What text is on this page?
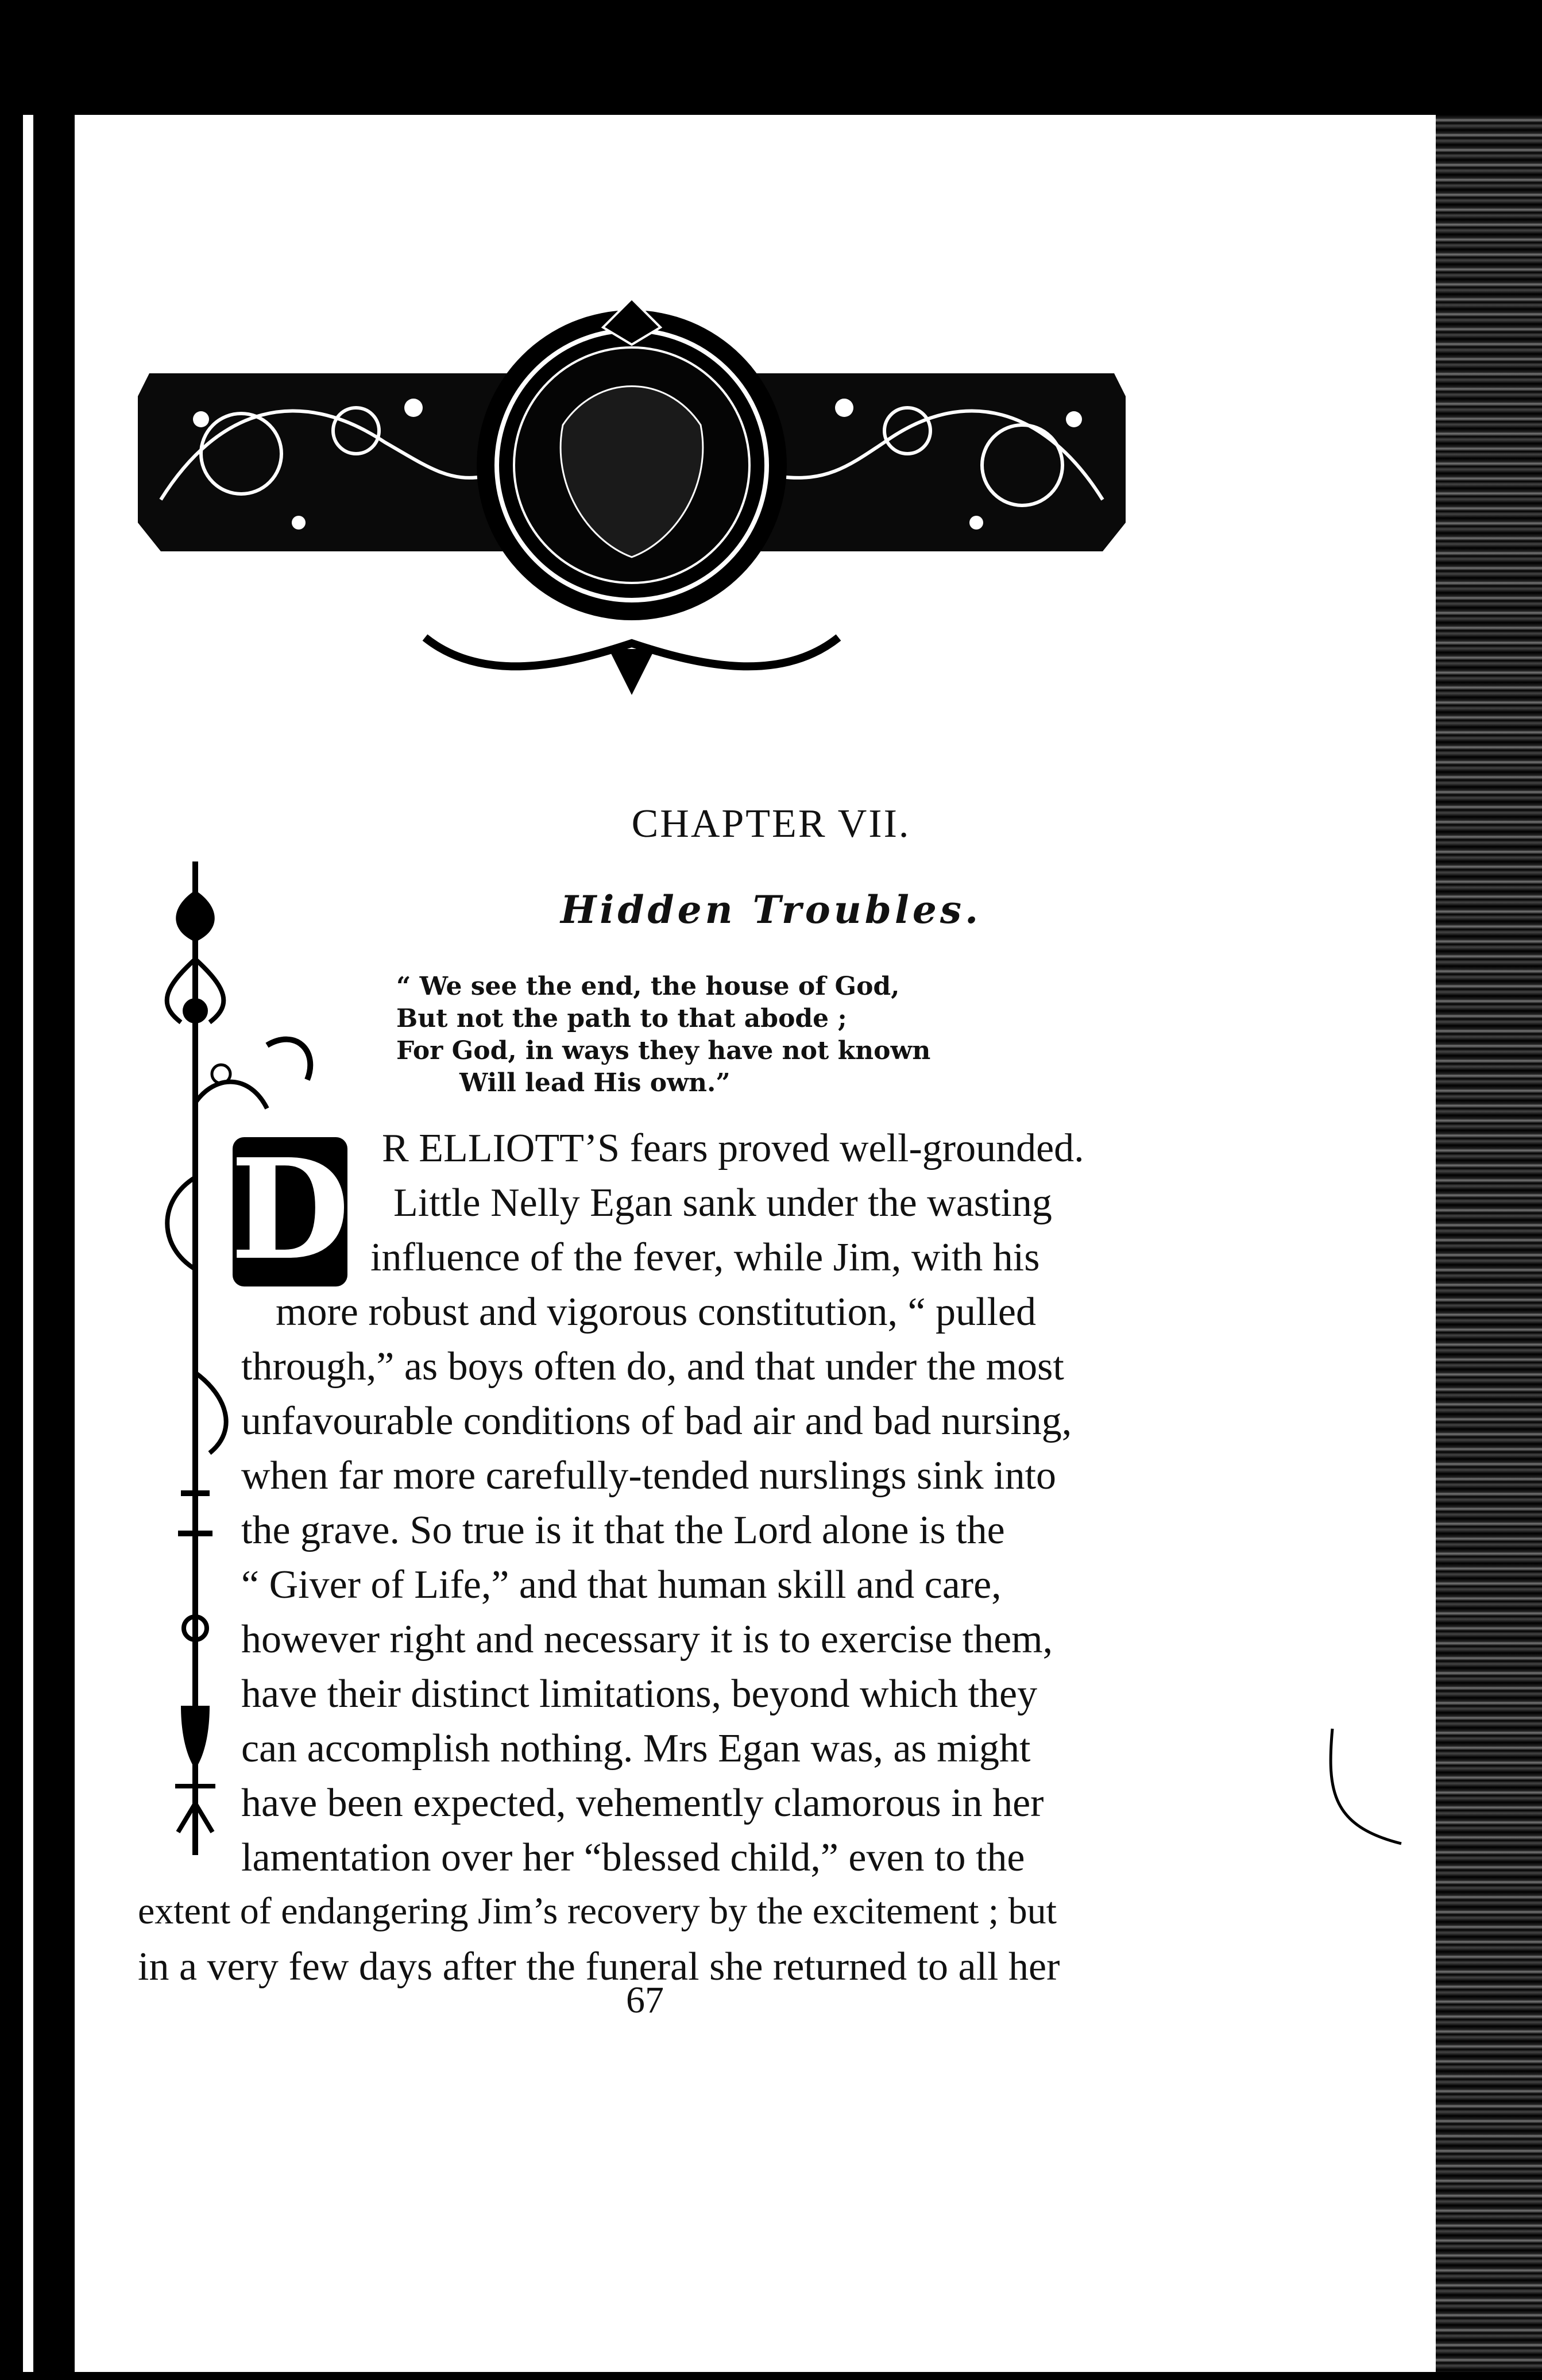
CHAPTER VII.
Hidden Troubles.
“ We see the end, the house of God,
But not the path to that abode ;
For God, in ways they have not known
Will lead His own.”
D R ELLIOTT’S fears proved well-grounded.
Little Nelly Egan sank under the wasting
influence of the fever, while Jim, with his
more robust and vigorous constitution, “ pulled
through,” as boys often do, and that under the most
unfavourable conditions of bad air and bad nursing,
when far more carefully-tended nurslings sink into
the grave. So true is it that the Lord alone is the
“ Giver of Life,” and that human skill and care,
however right and necessary it is to exercise them,
have their distinct limitations, beyond which they
can accomplish nothing. Mrs Egan was, as might
have been expected, vehemently clamorous in her
lamentation over her “blessed child,” even to the
extent of endangering Jim’s recovery by the excitement ; but
in a very few days after the funeral she returned to all her
67
